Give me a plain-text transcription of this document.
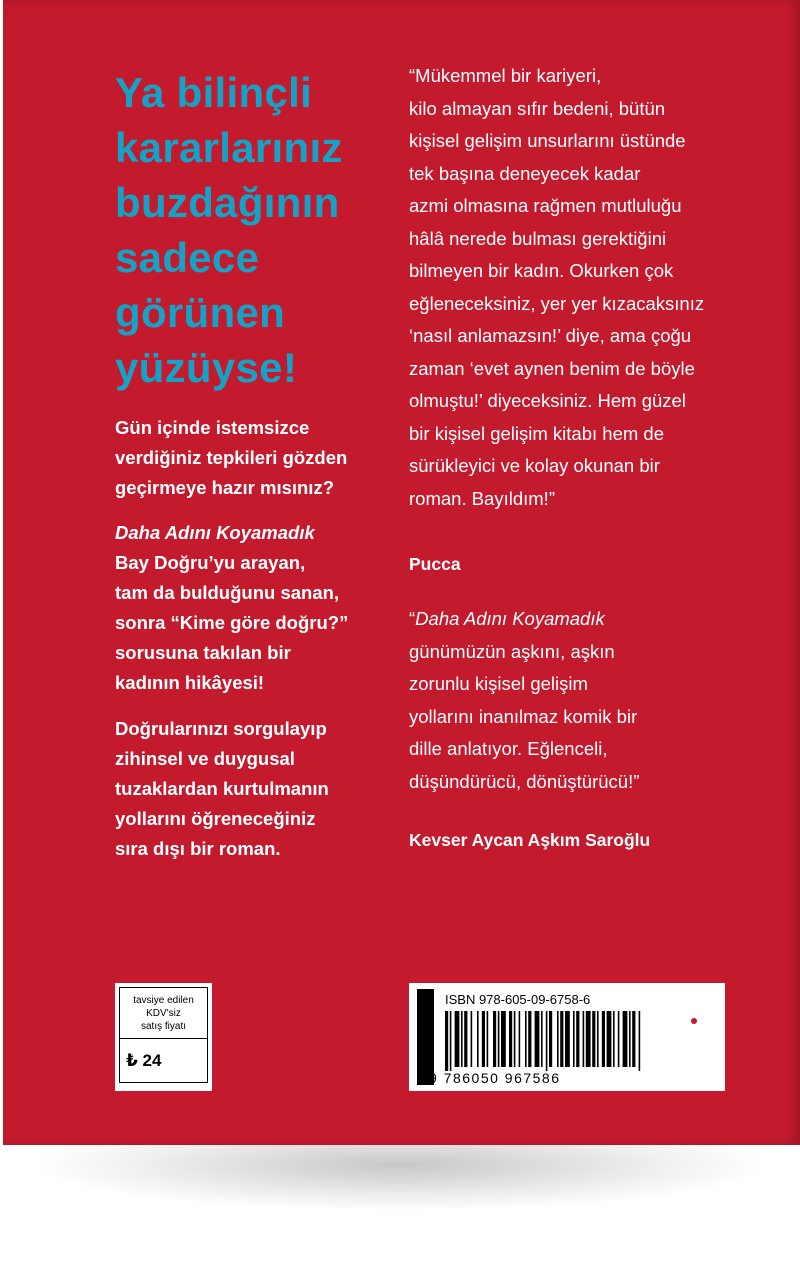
Ya bilinçli
kararlarınız
buzdağının
sadece
görünen
yüzüyse!
Gün içinde istemsizce
verdiğiniz tepkileri gözden
geçirmeye hazır mısınız?
Daha Adını Koyamadık
Bay Doğru’yu arayan,
tam da bulduğunu sanan,
sonra “Kime göre doğru?”
sorusuna takılan bir
kadının hikâyesi!
Doğrularınızı sorgulayıp
zihinsel ve duygusal
tuzaklardan kurtulmanın
yollarını öğreneceğiniz
sıra dışı bir roman.
“Mükemmel bir kariyeri,
kilo almayan sıfır bedeni, bütün
kişisel gelişim unsurlarını üstünde
tek başına deneyecek kadar
azmi olmasına rağmen mutluluğu
hâlâ nerede bulması gerektiğini
bilmeyen bir kadın. Okurken çok
eğleneceksiniz, yer yer kızacaksınız
‘nasıl anlamazsın!’ diye, ama çoğu
zaman ‘evet aynen benim de böyle
olmuştu!’ diyeceksiniz. Hem güzel
bir kişisel gelişim kitabı hem de
sürükleyici ve kolay okunan bir
roman. Bayıldım!”
Pucca
“Daha Adını Koyamadık
günümüzün aşkını, aşkın
zorunlu kişisel gelişim
yollarını inanılmaz komik bir
dille anlatıyor. Eğlenceli,
düşündürücü, dönüştürücü!”
Kevser Aycan Aşkım Saroğlu
tavsiye edilen
KDV'siz
satış fiyatı
₺ 24
ISBN 978-605-09-6758-6
9 786050 967586
Doğan
novus
